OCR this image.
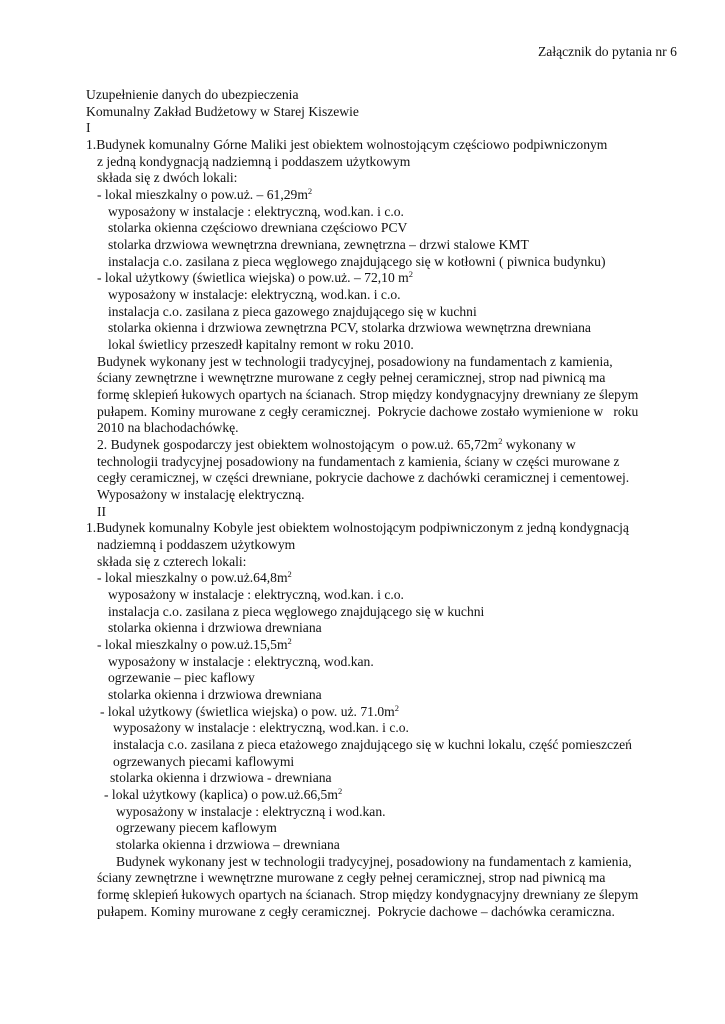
Załącznik do pytania nr 6
Uzupełnienie danych do ubezpieczenia
Komunalny Zakład Budżetowy w Starej Kiszewie
I
1.Budynek komunalny Górne Maliki jest obiektem wolnostojącym częściowo podpiwniczonym
z jedną kondygnacją nadziemną i poddaszem użytkowym
składa się z dwóch lokali:
- lokal mieszkalny o pow.uż. – $61,29m^2$
wyposażony w instalacje : elektryczną, wod.kan. i c.o.
stolarka okienna częściowo drewniana częściowo PCV
stolarka drzwiowa wewnętrzna drewniana, zewnętrzna – drzwi stalowe KMT
instalacja c.o. zasilana z pieca węglowego znajdującego się w kotłowni ( piwnica budynku)
- lokal użytkowy (świetlica wiejska) o pow.uż. – 72,10 $m^2$
wyposażony w instalacje: elektryczną, wod.kan. i c.o.
instalacja c.o. zasilana z pieca gazowego znajdującego się w kuchni
stolarka okienna i drzwiowa zewnętrzna PCV, stolarka drzwiowa wewnętrzna drewniana
lokal świetlicy przeszedł kapitalny remont w roku 2010.
Budynek wykonany jest w technologii tradycyjnej, posadowiony na fundamentach z kamienia,
ściany zewnętrzne i wewnętrzne murowane z cegły pełnej ceramicznej, strop nad piwnicą ma
formę sklepień łukowych opartych na ścianach. Strop między kondygnacyjny drewniany ze ślepym
pułapem. Kominy murowane z cegły ceramicznej.  Pokrycie dachowe zostało wymienione w   roku
2010 na blachodachówkę.
2. Budynek gospodarczy jest obiektem wolnostojącym  o pow.uż. $65,72m^2$ wykonany w
technologii tradycyjnej posadowiony na fundamentach z kamienia, ściany w części murowane z
cegły ceramicznej, w części drewniane, pokrycie dachowe z dachówki ceramicznej i cementowej.
Wyposażony w instalację elektryczną.
II
1.Budynek komunalny Kobyle jest obiektem wolnostojącym podpiwniczonym z jedną kondygnacją
nadziemną i poddaszem użytkowym
składa się z czterech lokali:
- lokal mieszkalny o $pow.uż.64,8m^2$
wyposażony w instalacje : elektryczną, wod.kan. i c.o.
instalacja c.o. zasilana z pieca węglowego znajdującego się w kuchni
stolarka okienna i drzwiowa drewniana
- lokal mieszkalny o $pow.uż.15,5m^2$
wyposażony w instalacje : elektryczną, wod.kan.
ogrzewanie – piec kaflowy
stolarka okienna i drzwiowa drewniana
- lokal użytkowy (świetlica wiejska) o pow. uż. $71.0m^2$
wyposażony w instalacje : elektryczną, wod.kan. i c.o.
instalacja c.o. zasilana z pieca etażowego znajdującego się w kuchni lokalu, część pomieszczeń
ogrzewanych piecami kaflowymi
stolarka okienna i drzwiowa - drewniana
- lokal użytkowy (kaplica) o $pow.uż.66,5m^2$
wyposażony w instalacje : elektryczną i wod.kan.
ogrzewany piecem kaflowym
stolarka okienna i drzwiowa – drewniana
Budynek wykonany jest w technologii tradycyjnej, posadowiony na fundamentach z kamienia,
ściany zewnętrzne i wewnętrzne murowane z cegły pełnej ceramicznej, strop nad piwnicą ma
formę sklepień łukowych opartych na ścianach. Strop między kondygnacyjny drewniany ze ślepym
pułapem. Kominy murowane z cegły ceramicznej.  Pokrycie dachowe – dachówka ceramiczna.
